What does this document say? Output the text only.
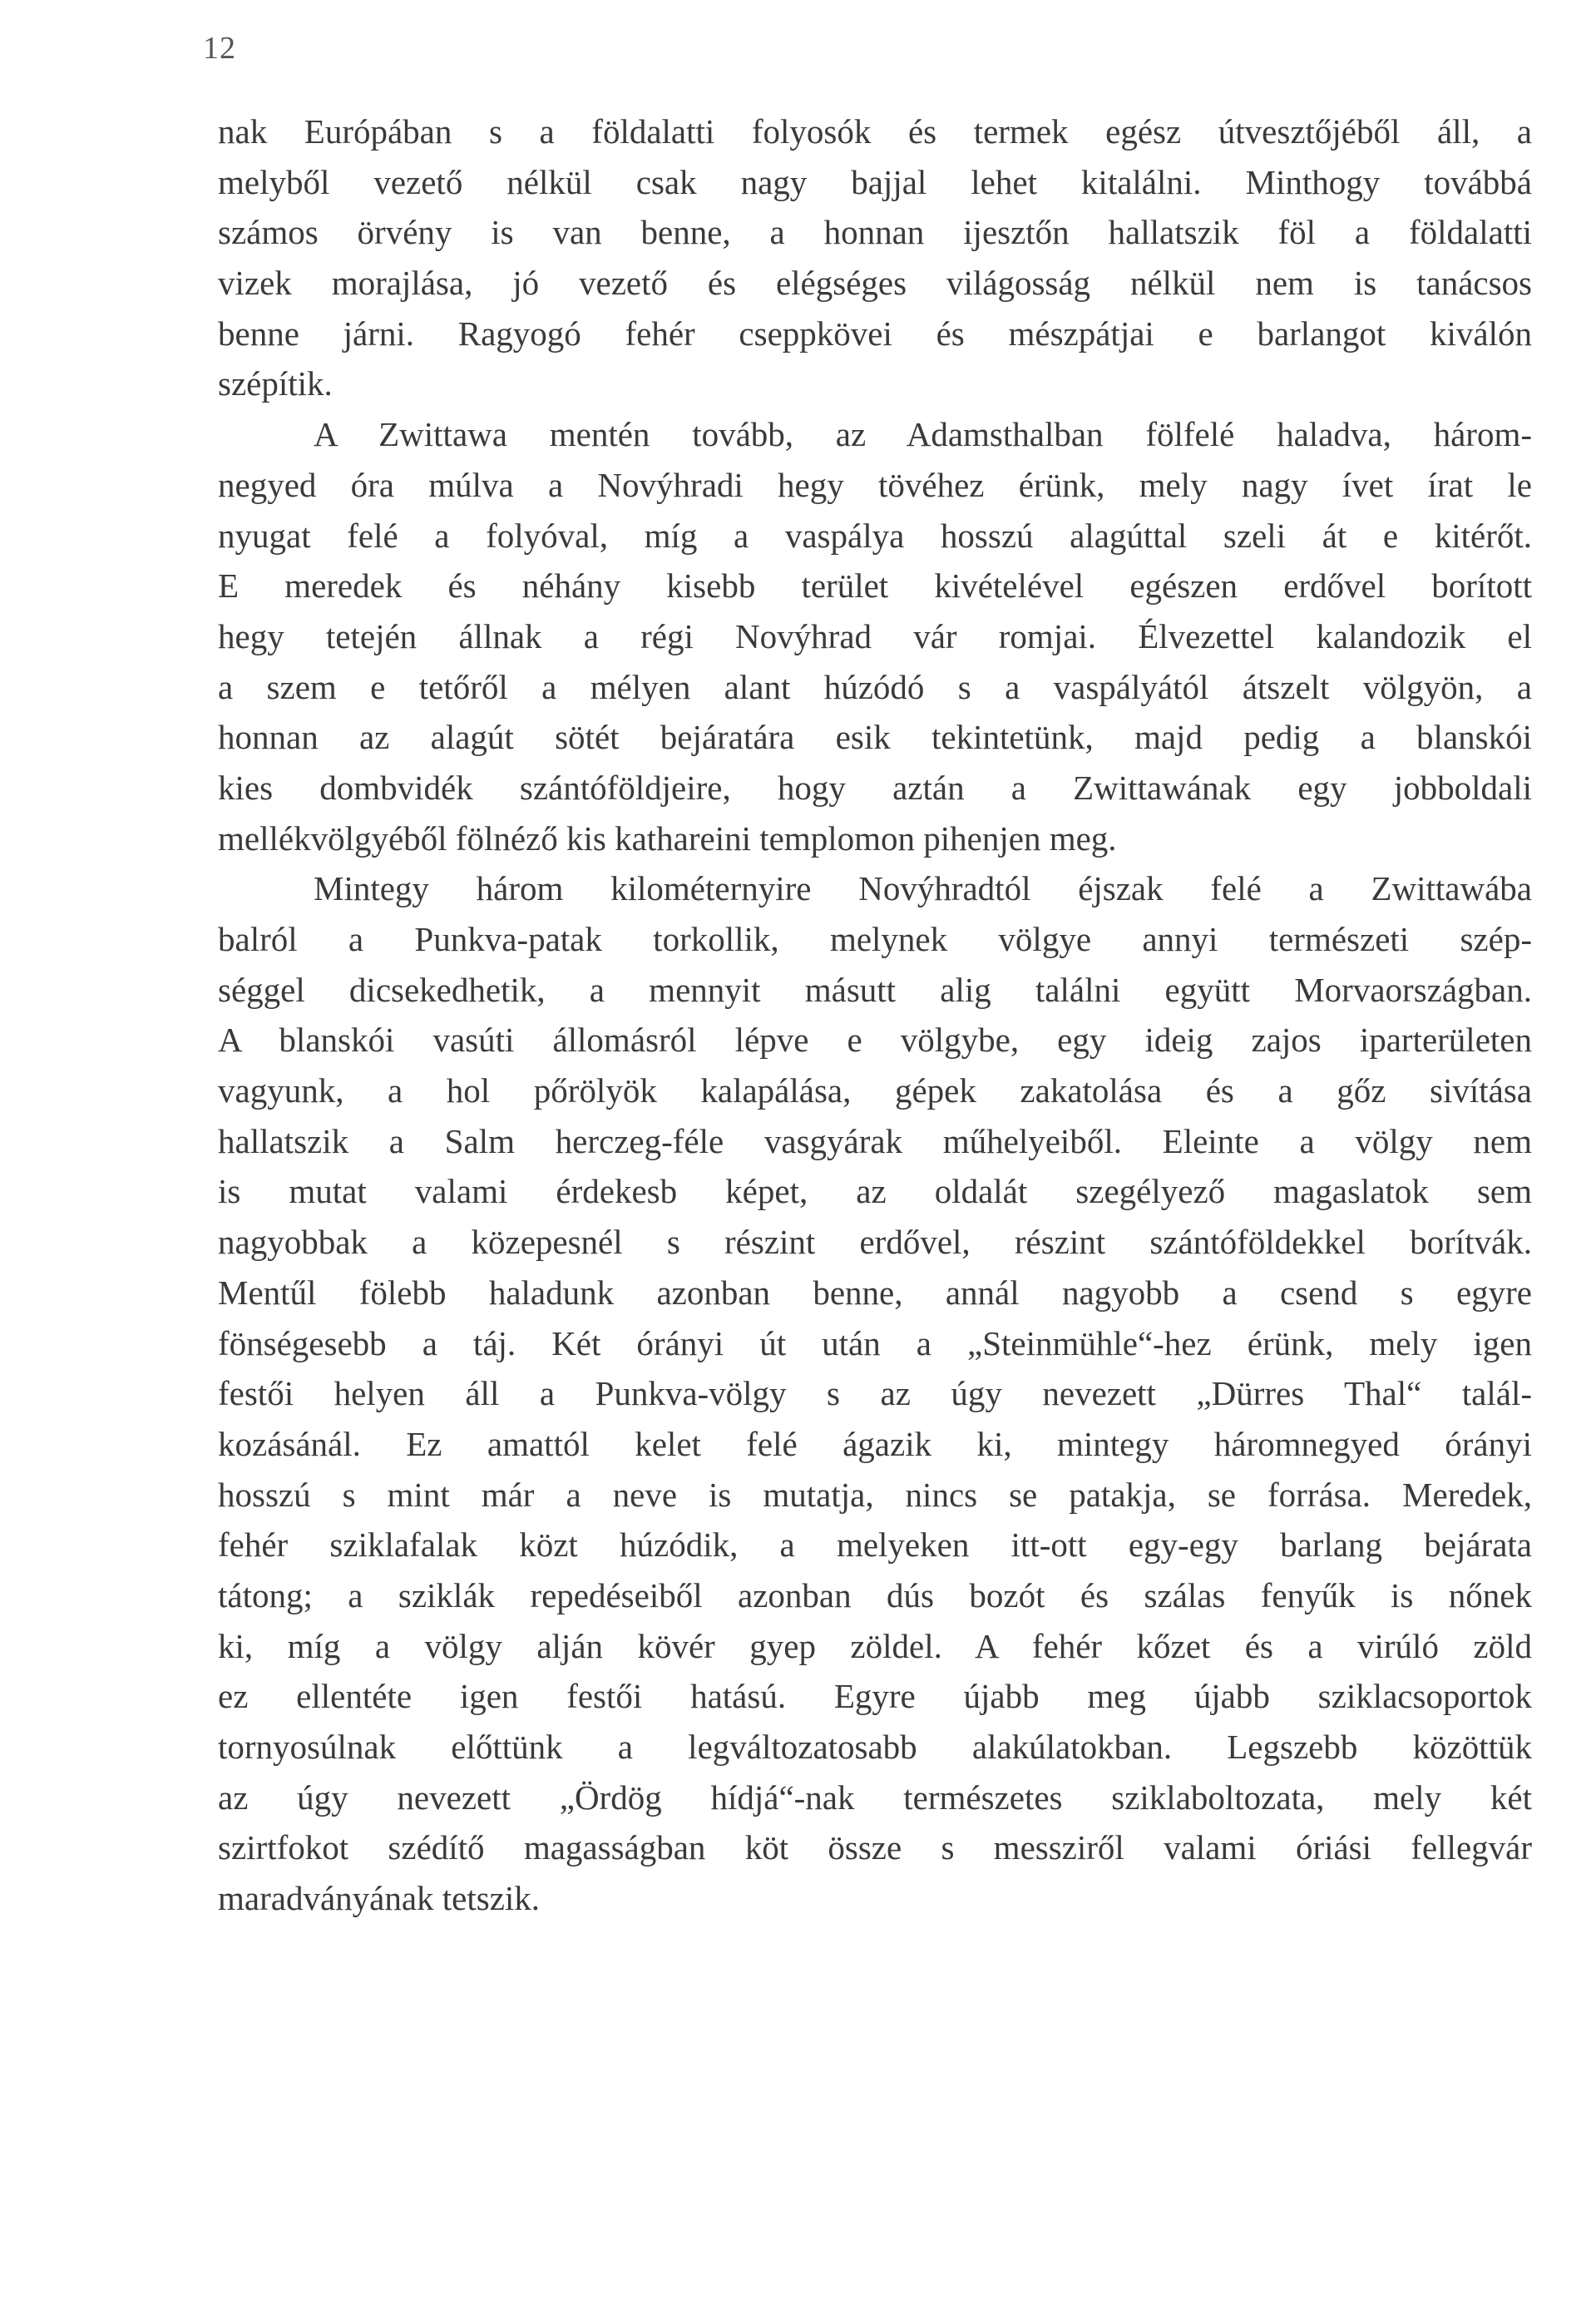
12
nak Európában s a földalatti folyosók és termek egész útvesztőjéből áll, a
melyből vezető nélkül csak nagy bajjal lehet kitalálni. Minthogy továbbá
számos örvény is van benne, a honnan ijesztőn hallatszik föl a földalatti
vizek morajlása, jó vezető és elégséges világosság nélkül nem is tanácsos
benne járni. Ragyogó fehér cseppkövei és mészpátjai e barlangot kiválón
szépítik.
A Zwittawa mentén tovább, az Adamsthalban fölfelé haladva, három-
negyed óra múlva a Novýhradi hegy tövéhez érünk, mely nagy ívet írat le
nyugat felé a folyóval, míg a vaspálya hosszú alagúttal szeli át e kitérőt.
E meredek és néhány kisebb terület kivételével egészen erdővel borított
hegy tetején állnak a régi Novýhrad vár romjai. Élvezettel kalandozik el
a szem e tetőről a mélyen alant húzódó s a vaspályától átszelt völgyön, a
honnan az alagút sötét bejáratára esik tekintetünk, majd pedig a blanskói
kies dombvidék szántóföldjeire, hogy aztán a Zwittawának egy jobboldali
mellékvölgyéből fölnéző kis kathareini templomon pihenjen meg.
Mintegy három kilométernyire Novýhradtól éjszak felé a Zwittawába
balról a Punkva-patak torkollik, melynek völgye annyi természeti szép-
séggel dicsekedhetik, a mennyit másutt alig találni együtt Morvaországban.
A blanskói vasúti állomásról lépve e völgybe, egy ideig zajos iparterületen
vagyunk, a hol pőrölyök kalapálása, gépek zakatolása és a gőz sivítása
hallatszik a Salm herczeg-féle vasgyárak műhelyeiből. Eleinte a völgy nem
is mutat valami érdekesb képet, az oldalát szegélyező magaslatok sem
nagyobbak a közepesnél s részint erdővel, részint szántóföldekkel borítvák.
Mentűl fölebb haladunk azonban benne, annál nagyobb a csend s egyre
fönségesebb a táj. Két órányi út után a „Steinmühle“-hez érünk, mely igen
festői helyen áll a Punkva-völgy s az úgy nevezett „Dürres Thal“ talál-
kozásánál. Ez amattól kelet felé ágazik ki, mintegy háromnegyed órányi
hosszú s mint már a neve is mutatja, nincs se patakja, se forrása. Meredek,
fehér sziklafalak közt húzódik, a melyeken itt-ott egy-egy barlang bejárata
tátong; a sziklák repedéseiből azonban dús bozót és szálas fenyűk is nőnek
ki, míg a völgy alján kövér gyep zöldel. A fehér kőzet és a virúló zöld
ez ellentéte igen festői hatású. Egyre újabb meg újabb sziklacsoportok
tornyosúlnak előttünk a legváltozatosabb alakúlatokban. Legszebb közöttük
az úgy nevezett „Ördög hídjá“-nak természetes sziklaboltozata, mely két
szirtfokot szédítő magasságban köt össze s messziről valami óriási fellegvár
maradványának tetszik.
